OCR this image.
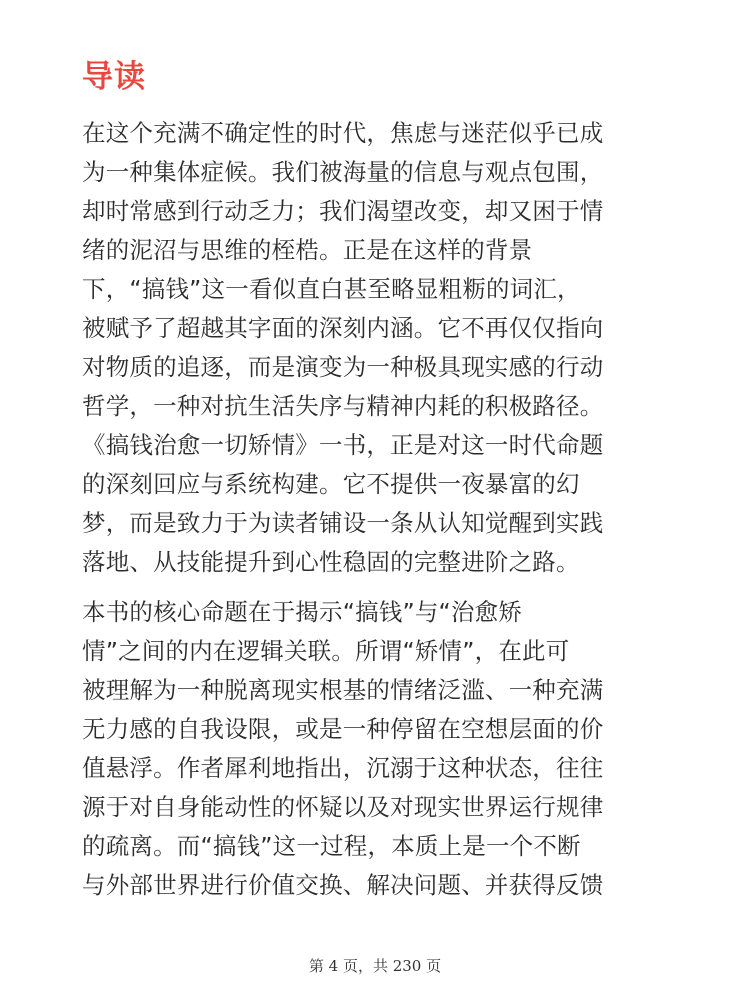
导读

在这个充满不确定性的时代，焦虑与迷茫似乎已成
为一种集体症候。我们被海量的信息与观点包围，
却时常感到行动乏力；我们渴望改变，却又困于情
绪的泥沼与思维的桎梏。正是在这样的背景
下，“搞钱”这一看似直白甚至略显粗粝的词汇，
被赋予了超越其字面的深刻内涵。它不再仅仅指向
对物质的追逐，而是演变为一种极具现实感的行动
哲学，一种对抗生活失序与精神内耗的积极路径。
《搞钱治愈一切矫情》一书，正是对这一时代命题
的深刻回应与系统构建。它不提供一夜暴富的幻
梦，而是致力于为读者铺设一条从认知觉醒到实践
落地、从技能提升到心性稳固的完整进阶之路。

本书的核心命题在于揭示“搞钱”与“治愈矫
情”之间的内在逻辑关联。所谓“矫情”，在此可
被理解为一种脱离现实根基的情绪泛滥、一种充满
无力感的自我设限，或是一种停留在空想层面的价
值悬浮。作者犀利地指出，沉溺于这种状态，往往
源于对自身能动性的怀疑以及对现实世界运行规律
的疏离。而“搞钱”这一过程，本质上是一个不断
与外部世界进行价值交换、解决问题、并获得反馈

第 4 页，共 230 页
